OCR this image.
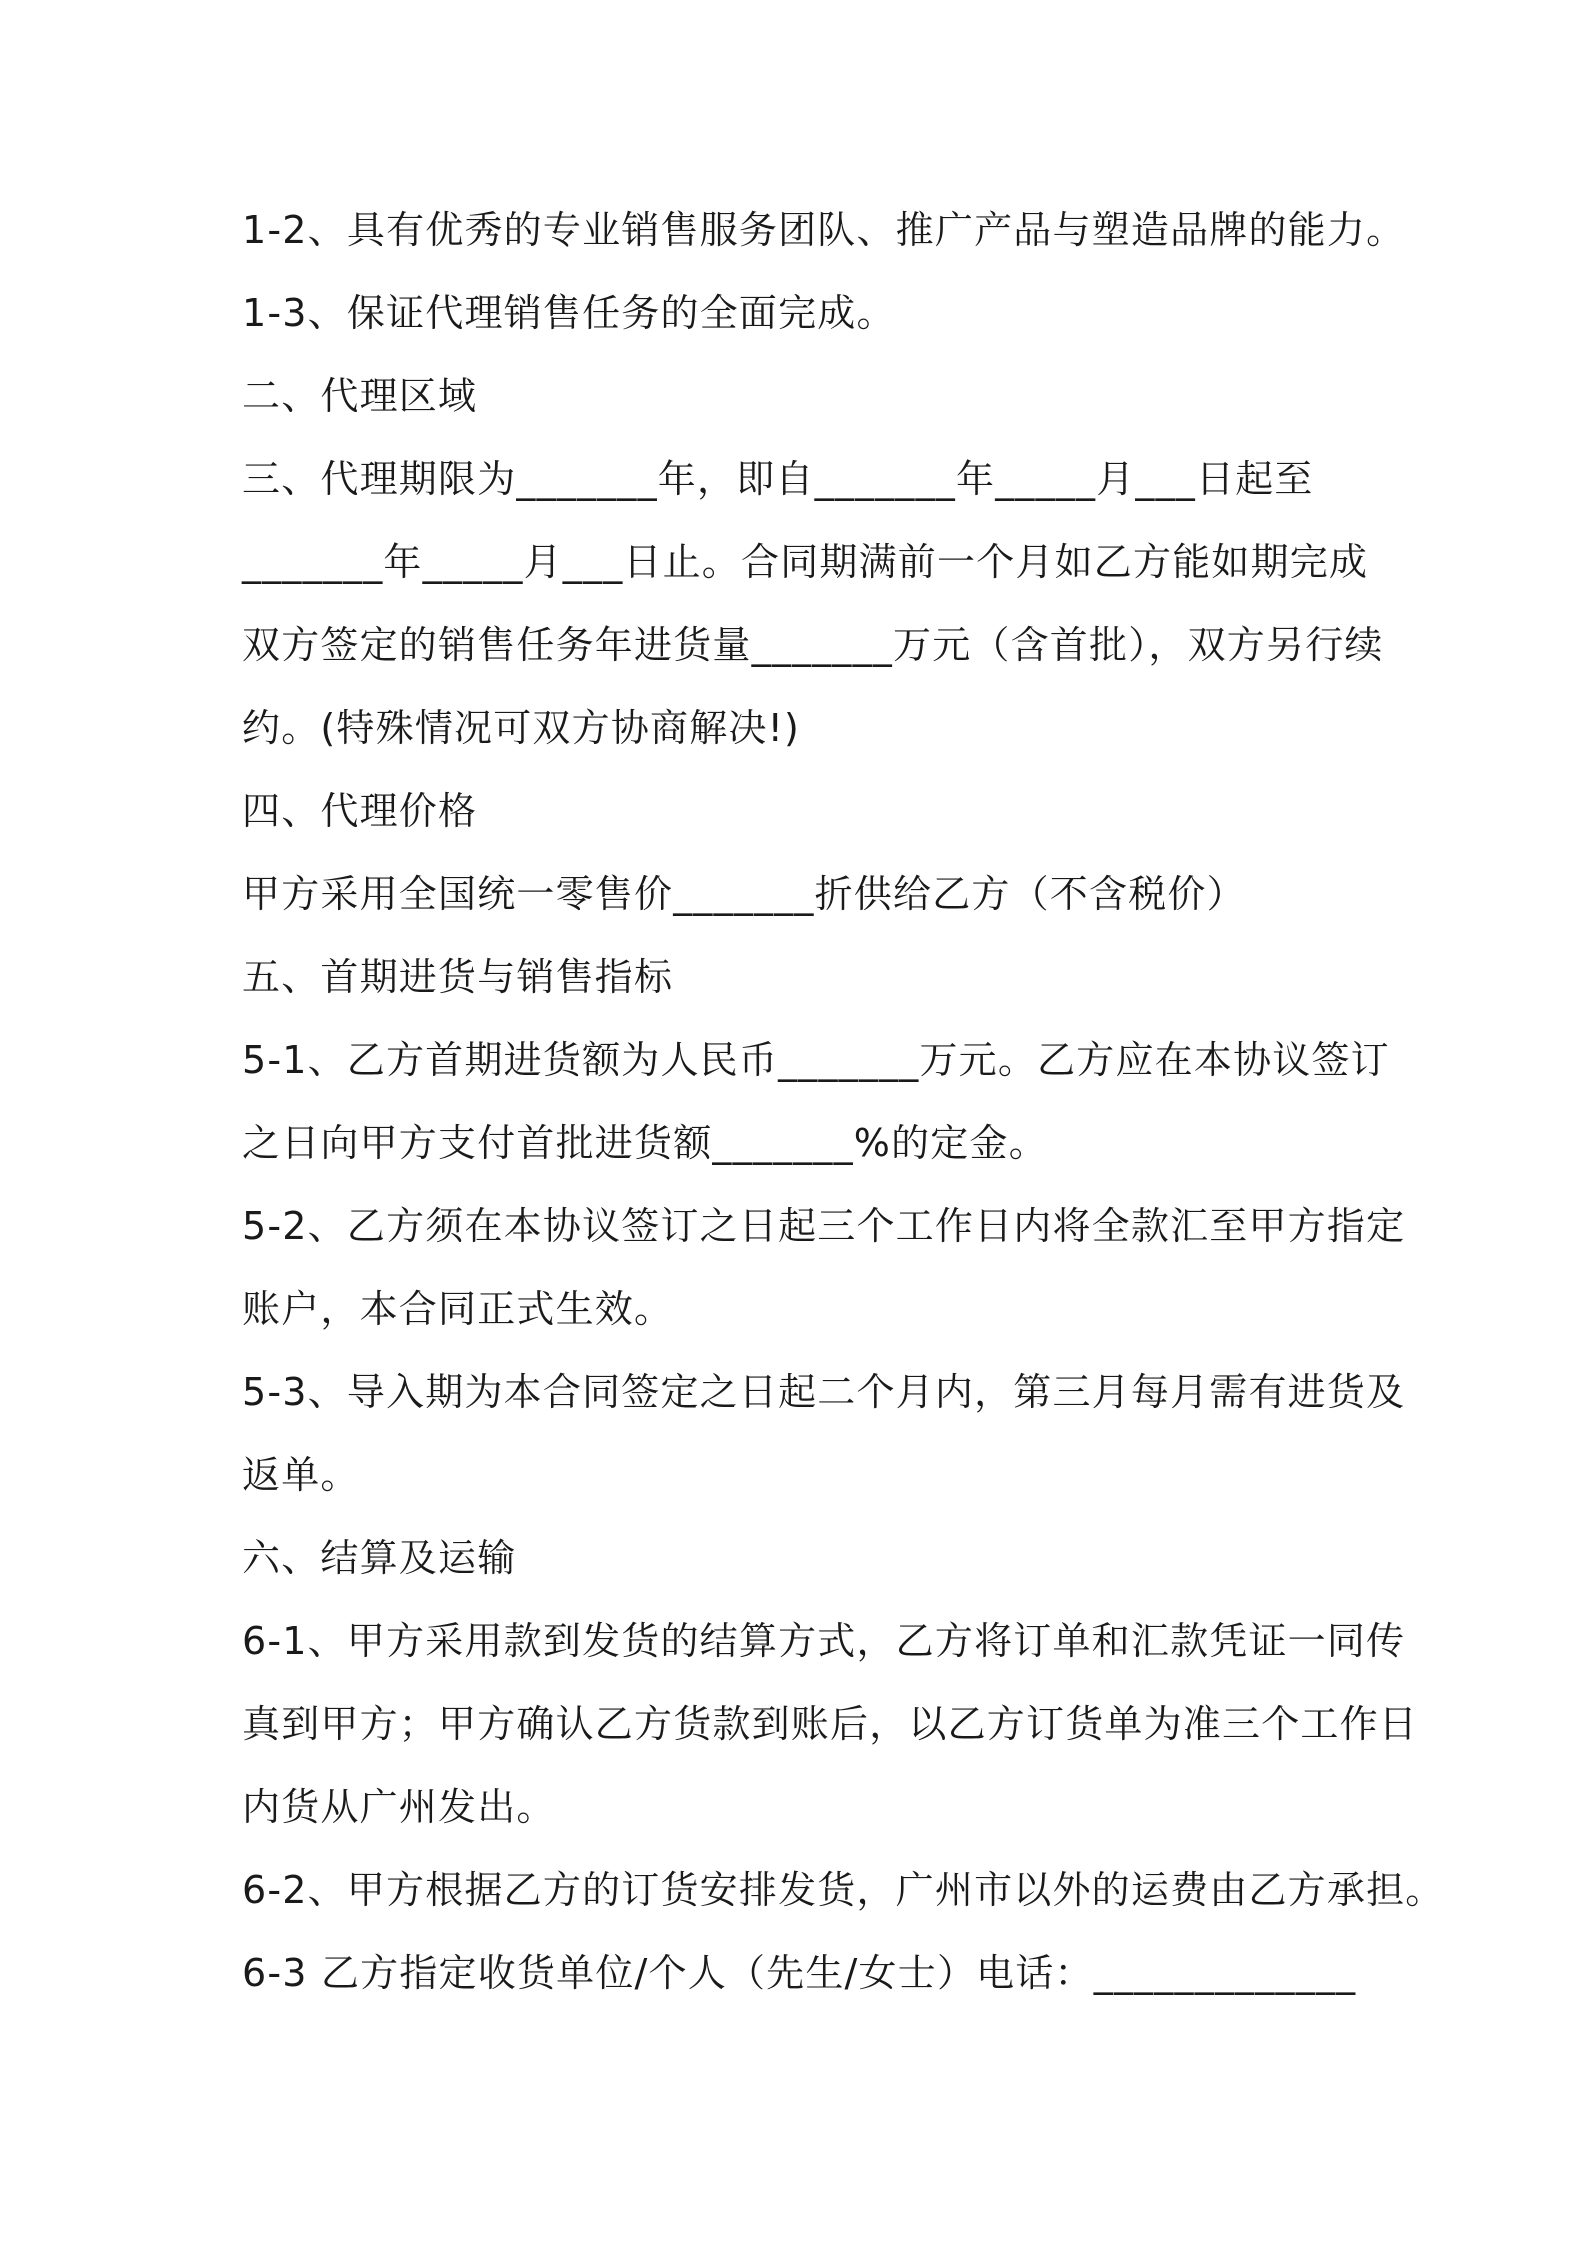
1-2、具有优秀的专业销售服务团队、推广产品与塑造品牌的能力。
1-3、保证代理销售任务的全面完成。
二、代理区域
三、代理期限为_______年，即自_______年_____月___日起至
_______年_____月___日止。合同期满前一个月如乙方能如期完成
双方签定的销售任务年进货量_______万元（含首批），双方另行续
约。(特殊情况可双方协商解决!)
四、代理价格
甲方采用全国统一零售价_______折供给乙方（不含税价）
五、首期进货与销售指标
5-1、乙方首期进货额为人民币_______万元。乙方应在本协议签订
之日向甲方支付首批进货额_______%的定金。
5-2、乙方须在本协议签订之日起三个工作日内将全款汇至甲方指定
账户，本合同正式生效。
5-3、导入期为本合同签定之日起二个月内，第三月每月需有进货及
返单。
六、结算及运输
6-1、甲方采用款到发货的结算方式，乙方将订单和汇款凭证一同传
真到甲方；甲方确认乙方货款到账后，以乙方订货单为准三个工作日
内货从广州发出。
6-2、甲方根据乙方的订货安排发货，广州市以外的运费由乙方承担。
6-3 乙方指定收货单位/个人（先生/女士）电话：_____________
